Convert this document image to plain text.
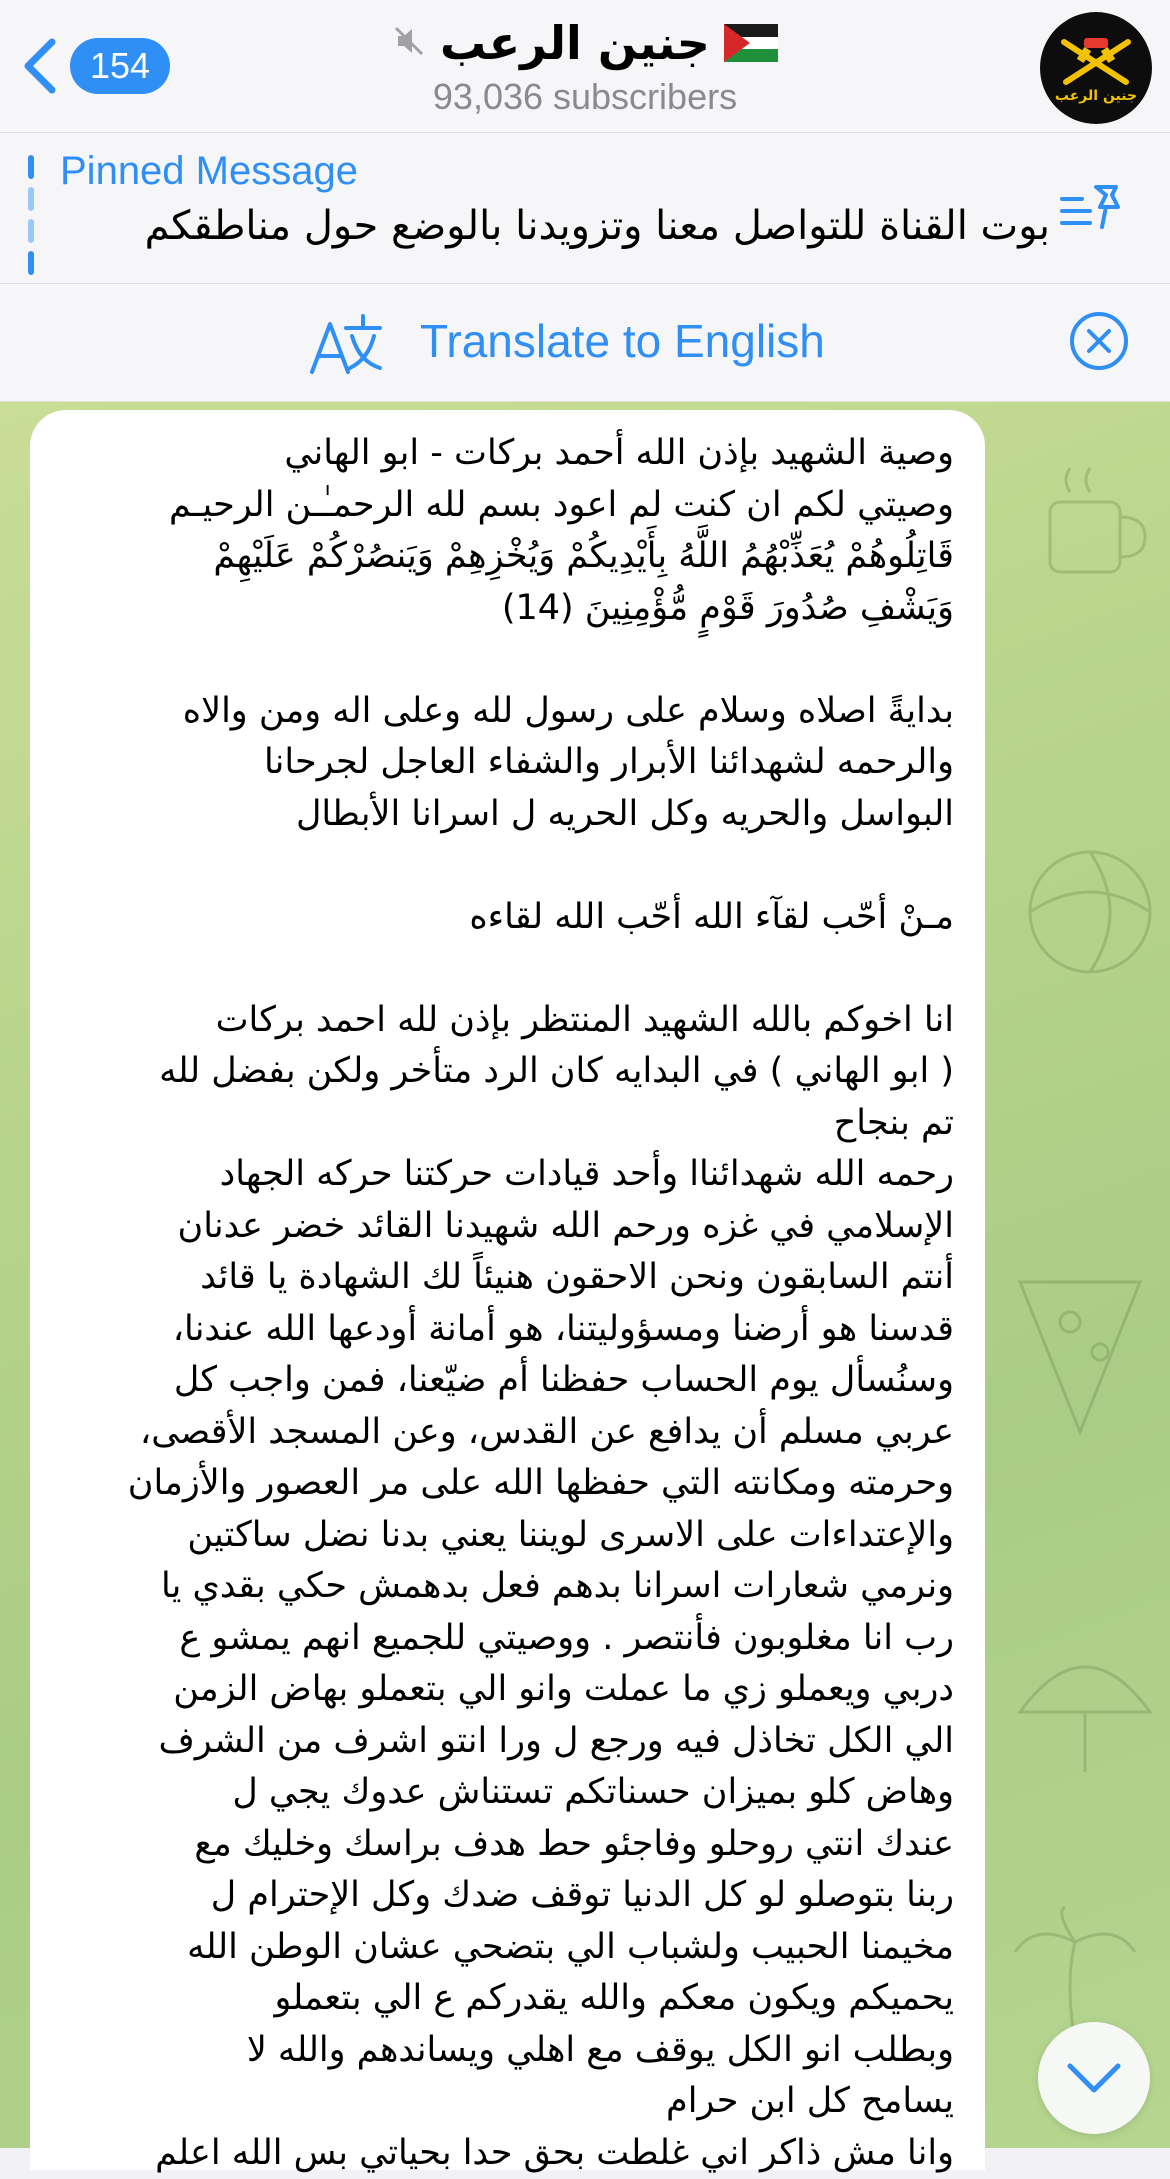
154	جنين الرعب
93,036 subscribers	جنين الرعب
Pinned Message
بوت القناة للتواصل معنا وتزويدنا بالوضع حول مناطقكم
Translate to English

وصية الشهيد بإذن الله أحمد بركات - ابو الهاني

وصيتي لكم ان كنت لم اعود بسم لله الرحمـٰـن الرحيـم

قَاتِلُوهُمْ يُعَذِّبْهُمُ اللَّهُ بِأَيْدِيكُمْ وَيُخْزِهِمْ وَيَنصُرْكُمْ عَلَيْهِمْ

وَيَشْفِ صُدُورَ قَوْمٍ مُّؤْمِنِينَ (14)

بدايةً اصلاه وسلام على رسول لله وعلى اله ومن والاه

والرحمه لشهدائنا الأبرار والشفاء العاجل لجرحانا

البواسل والحريه وكل الحريه ل اسرانا الأبطال

مـنْ أحّب لقآء الله أحّب الله لقاءه

انا اخوكم بالله الشهيد المنتظر بإذن لله احمد بركات

( ابو الهاني ) في البدايه كان الرد متأخر ولكن بفضل لله

تم بنجاح

رحمه الله شهدائناا وأحد قيادات حركتنا حركه الجهاد

الإسلامي في غزه ورحم الله شهيدنا القائد خضر عدنان

أنتم السابقون ونحن الاحقون هنيئاً لك الشهادة يا قائد

قدسنا هو أرضنا ومسؤوليتنا، هو أمانة أودعها الله عندنا،

وسنُسأل يوم الحساب حفظنا أم ضيّعنا، فمن واجب كل

عربي مسلم أن يدافع عن القدس، وعن المسجد الأقصى،

وحرمته ومكانته التي حفظها الله على مر العصور والأزمان

والإعتداءات على الاسرى لويننا يعني بدنا نضل ساكتين

ونرمي شعارات اسرانا بدهم فعل بدهمش حكي بقدي يا

رب انا مغلوبون فأنتصر . ووصيتي للجميع انهم يمشو ع

دربي ويعملو زي ما عملت وانو الي بتعملو بهاض الزمن

الي الكل تخاذل فيه ورجع ل ورا انتو اشرف من الشرف

وهاض كلو بميزان حسناتكم تستناش عدوك يجي ل

عندك انتي روحلو وفاجئو حط هدف براسك وخليك مع

ربنا بتوصلو لو كل الدنيا توقف ضدك وكل الإحترام ل

مخيمنا الحبيب ولشباب الي بتضحي عشان الوطن الله

يحميكم ويكون معكم والله يقدركم ع الي بتعملو

وبطلب انو الكل يوقف مع اهلي ويساندهم والله لا

يسامح كل ابن حرام

وانا مش ذاكر اني غلطت بحق حدا بحياتي بس الله اعلم
